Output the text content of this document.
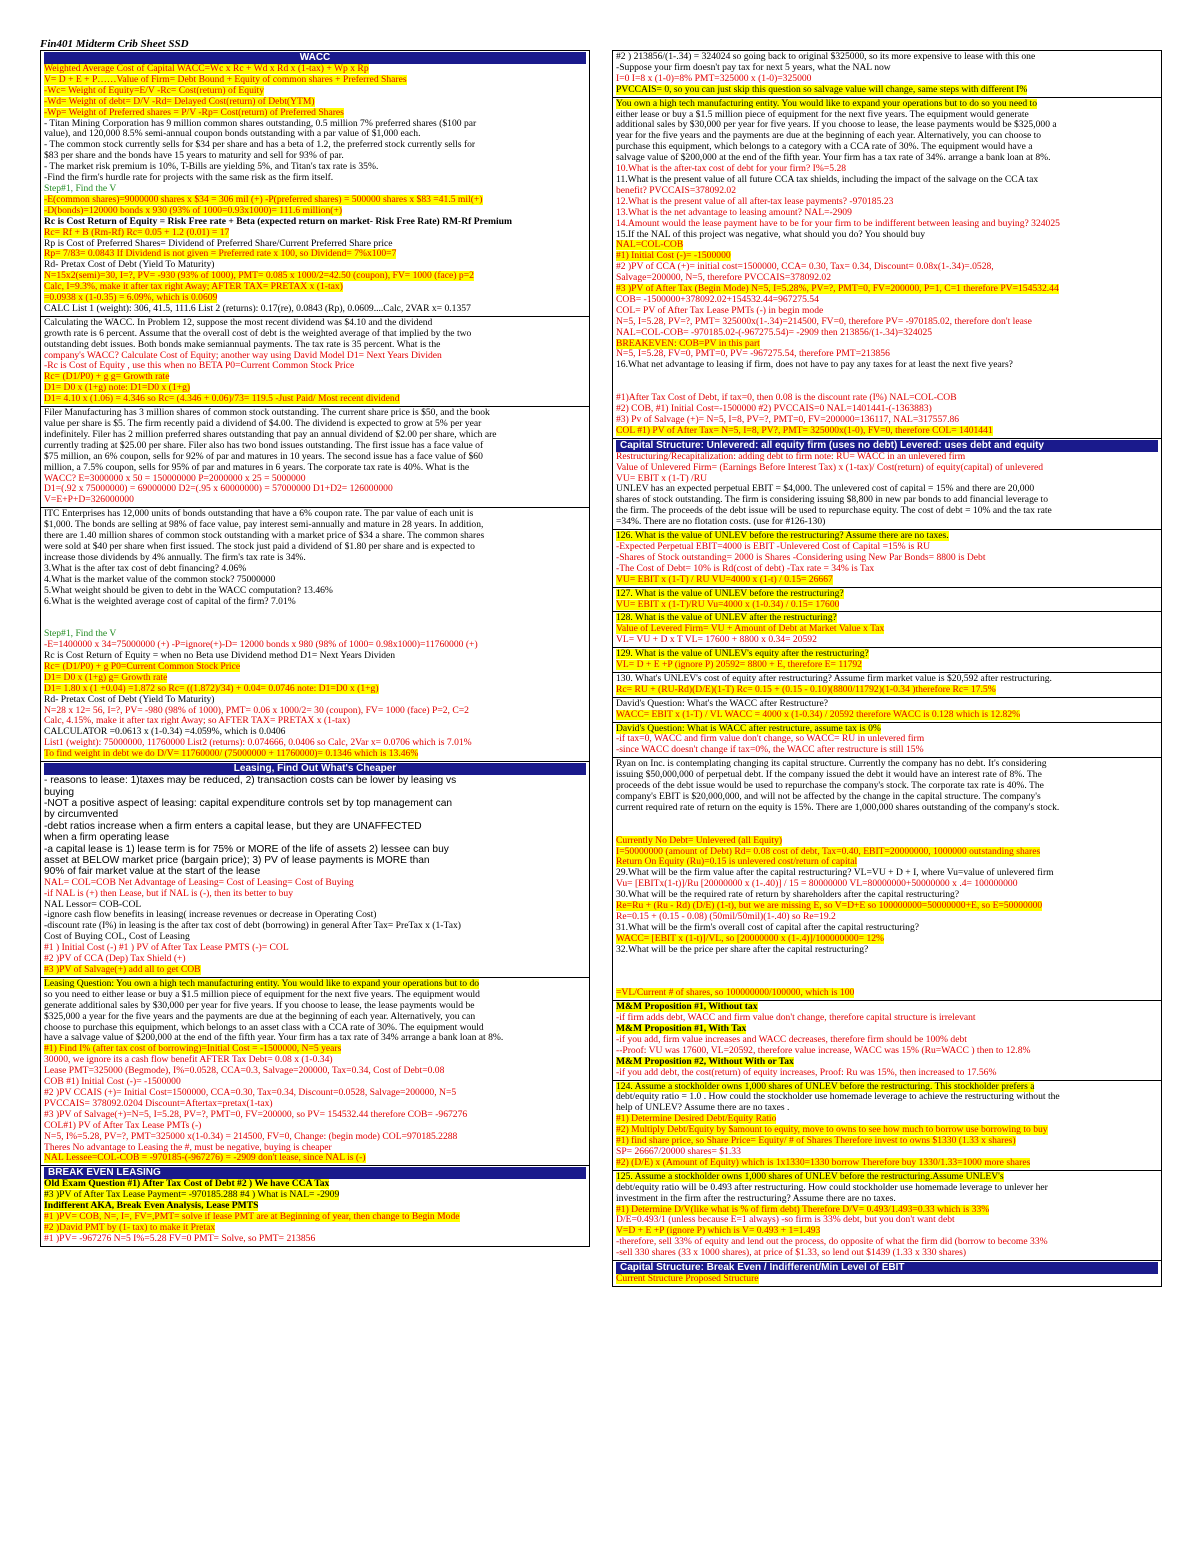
Fin401 Midterm Crib Sheet SSD
WACC
Weighted Average Cost of Capital WACC=Wc x Rc + Wd x Rd x (1-tax) + Wp x Rp
V= D + E + P……Value of Firm= Debt Bound + Equity of common shares + Preferred Shares
-Wc= Weight of Equity=E/V -Rc= Cost(return) of Equity
-Wd= Weight of debt= D/V -Rd= Delayed Cost(return) of Debt(YTM)
-Wp= Weight of Preferred shares = P/V -Rp= Cost(return) of Preferred Shares
- Titan Mining Corporation has 9 million common shares outstanding, 0.5 million 7% preferred shares ($100 par
value), and 120,000 8.5% semi-annual coupon bonds outstanding with a par value of $1,000 each.
- The common stock currently sells for $34 per share and has a beta of 1.2, the preferred stock currently sells for
$83 per share and the bonds have 15 years to maturity and sell for 93% of par.
- The market risk premium is 10%, T-Bills are yielding 5%, and Titan's tax rate is 35%.
-Find the firm's hurdle rate for projects with the same risk as the firm itself.
Step#1, Find the V
-E(common shares)=9000000 shares x $34 = 306 mil (+) -P(preferred shares) = 500000 shares x $83 =41.5 mil(+)
-D(bonds)=120000 bonds x 930 (93% of 1000=0.93x1000)= 111.6 million(+)
Rc is Cost Return of Equity = Risk Free rate + Beta (expected return on market- Risk Free Rate) RM-Rf Premium
Rc= Rf + B (Rm-Rf) Rc= 0.05 + 1.2 (0.01) = 17
Rp is Cost of Preferred Shares= Dividend of Preferred Share/Current Preferred Share price
Rp= 7/83= 0.0843 If Dividend is not given = Preferred rate x 100, so Dividend= 7%x100=7
Rd- Pretax Cost of Debt (Yield To Maturity)
N=15x2(semi)=30, I=?, PV= -930 (93% of 1000), PMT= 0.085 x 1000/2=42.50 (coupon), FV= 1000 (face) p=2
Calc, I=9.3%, make it after tax right Away; AFTER TAX= PRETAX x (1-tax)
=0.0938 x (1-0.35) = 6.09%, which is 0.0609
CALC List 1 (weight): 306, 41.5, 111.6 List 2 (returns): 0.17(re), 0.0843 (Rp), 0.0609....Calc, 2VAR x= 0.1357
Calculating the WACC. In Problem 12, suppose the most recent dividend was $4.10 and the dividend
growth rate is 6 percent. Assume that the overall cost of debt is the weighted average of that implied by the two
outstanding debt issues. Both bonds make semiannual payments. The tax rate is 35 percent. What is the
company's WACC? Calculate Cost of Equity; another way using David Model D1= Next Years Dividen
-Rc is Cost of Equity , use this when no BETA P0=Current Common Stock Price
Rc= (D1/P0) + g g= Growth rate
D1= D0 x (1+g) note: D1=D0 x (1+g)
D1= 4.10 x (1.06) = 4.346 so Rc= (4.346 + 0.06)/73= 119.5 -Just Paid/ Most recent dividend
Filer Manufacturing has 3 million shares of common stock outstanding. The current share price is $50, and the book
value per share is $5. The firm recently paid a dividend of $4.00. The dividend is expected to grow at 5% per year
indefinitely. Filer has 2 million preferred shares outstanding that pay an annual dividend of $2.00 per share, which are
currently trading at $25.00 per share. Filer also has two bond issues outstanding. The first issue has a face value of
$75 million, an 6% coupon, sells for 92% of par and matures in 10 years. The second issue has a face value of $60
million, a 7.5% coupon, sells for 95% of par and matures in 6 years. The corporate tax rate is 40%. What is the
WACC? E=3000000 x 50 = 150000000 P=2000000 x 25 = 5000000
D1=(.92 x 75000000) = 69000000 D2=(.95 x 60000000) = 57000000 D1+D2= 126000000
V=E+P+D=326000000
ITC Enterprises has 12,000 units of bonds outstanding that have a 6% coupon rate. The par value of each unit is
$1,000. The bonds are selling at 98% of face value, pay interest semi-annually and mature in 28 years. In addition,
there are 1.40 million shares of common stock outstanding with a market price of $34 a share. The common shares
were sold at $40 per share when first issued. The stock just paid a dividend of $1.80 per share and is expected to
increase those dividends by 4% annually. The firm's tax rate is 34%.
3.What is the after tax cost of debt financing? 4.06%
4.What is the market value of the common stock? 75000000
5.What weight should be given to debt in the WACC computation? 13.46%
6.What is the weighted average cost of capital of the firm? 7.01%

Step#1, Find the V
-E=1400000 x 34=75000000 (+) -P=ignore(+)-D= 12000 bonds x 980 (98% of 1000= 0.98x1000)=11760000 (+)
Rc is Cost Return of Equity = when no Beta use Dividend method D1= Next Years Dividen
Rc= (D1/P0) + g P0=Current Common Stock Price
D1= D0 x (1+g) g= Growth rate
D1= 1.80 x (1 +0.04) =1.872 so Rc= ((1.872)/34) + 0.04= 0.0746 note: D1=D0 x (1+g)
Rd- Pretax Cost of Debt (Yield To Maturity)
N=28 x 12= 56, I=?, PV= -980 (98% of 1000), PMT= 0.06 x 1000/2= 30 (coupon), FV= 1000 (face) P=2, C=2
Calc, 4.15%, make it after tax right Away; so AFTER TAX= PRETAX x (1-tax)
CALCULATOR =0.0613 x (1-0.34) =4.059%, which is 0.0406
List1 (weight): 75000000, 11760000 List2 (returns): 0.074666, 0.0406 so Calc, 2Var x= 0.0706 which is 7.01%
To find weight in debt we do D/V= 11760000/ (75000000 + 11760000)= 0.1346 which is 13.46%
Leasing, Find Out What's Cheaper
- reasons to lease: 1)taxes may be reduced, 2) transaction costs can be lower by leasing vs
buying
-NOT a positive aspect of leasing: capital expenditure controls set by top management can
by circumvented
-debt ratios increase when a firm enters a capital lease, but they are UNAFFECTED
when a firm operating lease
-a capital lease is 1) lease term is for 75% or MORE of the life of assets 2) lessee can buy
asset at BELOW market price (bargain price); 3) PV of lease payments is MORE than
90% of fair market value at the start of the lease
NAL= COL=COB Net Advantage of Leasing= Cost of Leasing= Cost of Buying
-if NAL is (+) then Lease, but if NAL is (-), then its better to buy
NAL Lessor= COB-COL
-ignore cash flow benefits in leasing( increase revenues or decrease in Operating Cost)
-discount rate (I%) in leasing is the after tax cost of debt (borrowing) in general After Tax= PreTax x (1-Tax)
Cost of Buying COL, Cost of Leasing
#1 ) Initial Cost (-) #1 ) PV of After Tax Lease PMTS (-)= COL
#2 )PV of CCA (Dep) Tax Shield (+)
#3 )PV of Salvage(+) add all to get COB
Leasing Question: You own a high tech manufacturing entity. You would like to expand your operations but to do
so you need to either lease or buy a $1.5 million piece of equipment for the next five years. The equipment would
generate additional sales by $30,000 per year for five years. If you choose to lease, the lease payments would be
$325,000 a year for the five years and the payments are due at the beginning of each year. Alternatively, you can
choose to purchase this equipment, which belongs to an asset class with a CCA rate of 30%. The equipment would
have a salvage value of $200,000 at the end of the fifth year. Your firm has a tax rate of 34% arrange a bank loan at 8%.
#1) Find I% (after tax cost of borrowing)=Initial Cost = -1500000, N=5 years
30000, we ignore its a cash flow benefit AFTER Tax Debt= 0.08 x (1-0.34)
Lease PMT=325000 (Begmode), I%=0.0528, CCA=0.3, Salvage=200000, Tax=0.34, Cost of Debt=0.08
COB #1) Initial Cost (-)= -1500000
#2 )PV CCAIS (+)= Initial Cost=1500000, CCA=0.30, Tax=0.34, Discount=0.0528, Salvage=200000, N=5
PVCCAIS= 378092.0204 Discount=Aftertax=pretax(1-tax)
#3 )PV of Salvage(+)=N=5, I=5.28, PV=?, PMT=0, FV=200000, so PV= 154532.44 therefore COB= -967276
COL#1) PV of After Tax Lease PMTs (-)
N=5, I%=5.28, PV=?, PMT=325000 x(1-0.34) = 214500, FV=0, Change: (begin mode) COL=970185.2288
Theres No advantage to Leasing the #, must be negative, buying is cheaper
NAL Lessee=COL-COB = -970185-(-967276) = -2909 don't lease, since NAL is (-)
BREAK EVEN LEASING
Old Exam Question #1) After Tax Cost of Debt #2 ) We have CCA Tax
#3 )PV of After Tax Lease Payment= -970185.288 #4 ) What is NAL= -2909
Indifferent AKA, Break Even Analysis, Lease PMTS
#1 )PV= COB, N=, I=, FV=,PMT= solve if lease PMT are at Beginning of year, then change to Begin Mode
#2 )David PMT by (1- tax) to make it Pretax
#1 )PV= -967276 N=5 I%=5.28 FV=0 PMT= Solve, so PMT= 213856
#2 ) 213856/(1-.34) = 324024 so going back to original $325000, so its more expensive to lease with this one
-Suppose your firm doesn't pay tax for next 5 years, what the NAL now
I=0 I=8 x (1-0)=8% PMT=325000 x (1-0)=325000
PVCCAIS= 0, so you can just skip this question so salvage value will change, same steps with different I%
You own a high tech manufacturing entity. You would like to expand your operations but to do so you need to
either lease or buy a $1.5 million piece of equipment for the next five years. The equipment would generate
additional sales by $30,000 per year for five years. If you choose to lease, the lease payments would be $325,000 a
year for the five years and the payments are due at the beginning of each year. Alternatively, you can choose to
purchase this equipment, which belongs to a category with a CCA rate of 30%. The equipment would have a
salvage value of $200,000 at the end of the fifth year. Your firm has a tax rate of 34%. arrange a bank loan at 8%.
10.What is the after-tax cost of debt for your firm? I%=5.28
11.What is the present value of all future CCA tax shields, including the impact of the salvage on the CCA tax
benefit? PVCCAIS=378092.02
12.What is the present value of all after-tax lease payments? -970185.23
13.What is the net advantage to leasing amount? NAL=-2909
14.Amount would the lease payment have to be for your firm to be indifferent between leasing and buying? 324025
15.If the NAL of this project was negative, what should you do? You should buy
NAL=COL-COB
#1) Initial Cost (-)= -1500000
#2 )PV of CCA (+)= initial cost=1500000, CCA= 0.30, Tax= 0.34, Discount= 0.08x(1-.34)=.0528,
Salvage=200000, N=5, therefore PVCCAIS=378092.02
#3 )PV of After Tax (Begin Mode) N=5, I=5.28%, PV=?, PMT=0, FV=200000, P=1, C=1 therefore PV=154532.44
COB= -1500000+378092.02+154532.44=967275.54
COL= PV of After Tax Lease PMTs (-) in begin mode
N=5, I=5.28, PV=?, PMT= 325000x(1-.34)=214500, FV=0, therefore PV= -970185.02, therefore don't lease
NAL=COL-COB= -970185.02-(-967275.54)= -2909 then 213856/(1-.34)=324025
BREAKEVEN: COB=PV in this part
N=5, I=5.28, FV=0, PMT=0, PV= -967275.54, therefore PMT=213856
16.What net advantage to leasing if firm, does not have to pay any taxes for at least the next five years?

#1)After Tax Cost of Debt, if tax=0, then 0.08 is the discount rate (I%) NAL=COL-COB
#2) COB, #1) Initial Cost=-1500000 #2) PVCCAIS=0 NAL=1401441-(-1363883)
#3) Pv of Salvage (+)= N=5, I=8, PV=?, PMT=0, FV=200000=136117, NAL=317557.86
COL #1) PV of After Tax= N=5, I=8, PV?, PMT= 325000x(1-0), FV=0, therefore COL= 1401441
Capital Structure: Unlevered: all equity firm (uses no debt) Levered: uses debt and equity
Restructuring/Recapitalization: adding debt to firm note: RU= WACC in an unlevered firm
Value of Unlevered Firm= (Earnings Before Interest Tax) x (1-tax)/ Cost(return) of equity(capital) of unlevered
VU= EBIT x (1-T) /RU
UNLEV has an expected perpetual EBIT = $4,000. The unlevered cost of capital = 15% and there are 20,000
shares of stock outstanding. The firm is considering issuing $8,800 in new par bonds to add financial leverage to
the firm. The proceeds of the debt issue will be used to repurchase equity. The cost of debt = 10% and the tax rate
=34%. There are no flotation costs. (use for #126-130)
126. What is the value of UNLEV before the restructuring? Assume there are no taxes.
-Expected Perpetual EBIT=4000 is EBIT -Unlevered Cost of Capital =15% is RU
-Shares of Stock outstanding= 2000 is Shares -Considering using New Par Bonds= 8800 is Debt
-The Cost of Debt= 10% is Rd(cost of debt) -Tax rate = 34% is Tax
VU= EBIT x (1-T) / RU VU=4000 x (1-t) / 0.15= 26667
127. What is the value of UNLEV before the restructuring?
VU= EBIT x (1-T)/RU Vu=4000 x (1-0.34) / 0.15= 17600
128. What is the value of UNLEV after the restructuring?
Value of Levered Firm= VU + Amount of Debt at Market Value x Tax
VL= VU + D x T VL= 17600 + 8800 x 0.34= 20592
129. What is the value of UNLEV's equity after the restructuring?
VL= D + E +P (ignore P) 20592= 8800 + E, therefore E= 11792
130. What's UNLEV's cost of equity after restructuring? Assume firm market value is $20,592 after restructuring.
Rc= RU + (RU-Rd)(D/E)(1-T) Rc= 0.15 + (0.15 - 0.10)(8800/11792)(1-0.34 )therefore Rc= 17.5%
David's Question: What's the WACC after Restructure?
WACC= EBIT x (1-T) / VL WACC = 4000 x (1-0.34) / 20592 therefore WACC is 0.128 which is 12.82%
David's Question: What is WACC after restructure, assume tax is 0%
-if tax=0, WACC and firm value don't change, so WACC= RU in unlevered firm
-since WACC doesn't change if tax=0%, the WACC after restructure is still 15%
Ryan on Inc. is contemplating changing its capital structure. Currently the company has no debt. It's considering
issuing $50,000,000 of perpetual debt. If the company issued the debt it would have an interest rate of 8%. The
proceeds of the debt issue would be used to repurchase the company's stock. The corporate tax rate is 40%. The
company's EBIT is $20,000,000, and will not be affected by the change in the capital structure. The company's
current required rate of return on the equity is 15%. There are 1,000,000 shares outstanding of the company's stock.

Currently No Debt= Unlevered (all Equity)
I=50000000 (amount of Debt) Rd= 0.08 cost of debt, Tax=0.40, EBIT=20000000, 1000000 outstanding shares
Return On Equity (Ru)=0.15 is unlevered cost/return of capital
29.What will be the firm value after the capital restructuring? VL=VU + D + I, where Vu=value of unlevered firm
Vu= [EBITx(1-t)]/Ru [20000000 x (1-.40)] / 15 = 80000000 VL=80000000+50000000 x .4= 100000000
30.What will be the required rate of return by shareholders after the capital restructuring?
Re=Ru + (Ru - Rd) (D/E) (1-t), but we are missing E, so V=D+E so 100000000=50000000+E, so E=50000000
Re=0.15 + (0.15 - 0.08) (50mil/50mil)(1-.40) so Re=19.2
31.What will be the firm's overall cost of capital after the capital restructuring?
WACC= [EBIT x (1-t)]/VL, so [20000000 x (1-.4)]/100000000= 12%
32.What will be the price per share after the capital restructuring?

=VL/Current # of shares, so 100000000/100000, which is 100
M&M Proposition #1, Without tax
-if firm adds debt, WACC and firm value don't change, therefore capital structure is irrelevant
M&M Proposition #1, With Tax
-if you add, firm value increases and WACC decreases, therefore firm should be 100% debt
--Proof: VU was 17600, VL=20592, therefore value increase, WACC was 15% (Ru=WACC ) then to 12.8%
M&M Proposition #2, Without With or Tax
-if you add debt, the cost(return) of equity increases, Proof: Ru was 15%, then increased to 17.56%
124. Assume a stockholder owns 1,000 shares of UNLEV before the restructuring. This stockholder prefers a
debt/equity ratio = 1.0 . How could the stockholder use homemade leverage to achieve the restructuring without the
help of UNLEV? Assume there are no taxes .
#1) Determine Desired Debt/Equity Ratio
#2) Multiply Debt/Equity by $amount to equity, move to owns to see how much to borrow use borrowing to buy
#1) find share price, so Share Price= Equity/ # of Shares Therefore invest to owns $1330 (1.33 x shares)
SP= 26667/20000 shares= $1.33
#2) (D/E) x (Amount of Equity) which is 1x1330=1330 borrow Therefore buy 1330/1.33=1000 more shares
125. Assume a stockholder owns 1,000 shares of UNLEV before the restructuring.Assume UNLEV's
debt/equity ratio will be 0.493 after restructuring. How could stockholder use homemade leverage to unlever her
investment in the firm after the restructuring? Assume there are no taxes.
#1) Determine D/V(like what is % of firm debt) Therefore D/V= 0.493/1.493=0.33 which is 33%
D/E=0.493/1 (unless because E=1 always) -so firm is 33% debt, but you don't want debt
V=D + E +P (ignore P) which is V= 0.493 + 1=1.493
-therefore, sell 33% of equity and lend out the process, do opposite of what the firm did (borrow to become 33%
-sell 330 shares (33 x 1000 shares), at price of $1.33, so lend out $1439 (1.33 x 330 shares)
Capital Structure: Break Even / Indifferent/Min Level of EBIT
Current Structure Proposed Structure
